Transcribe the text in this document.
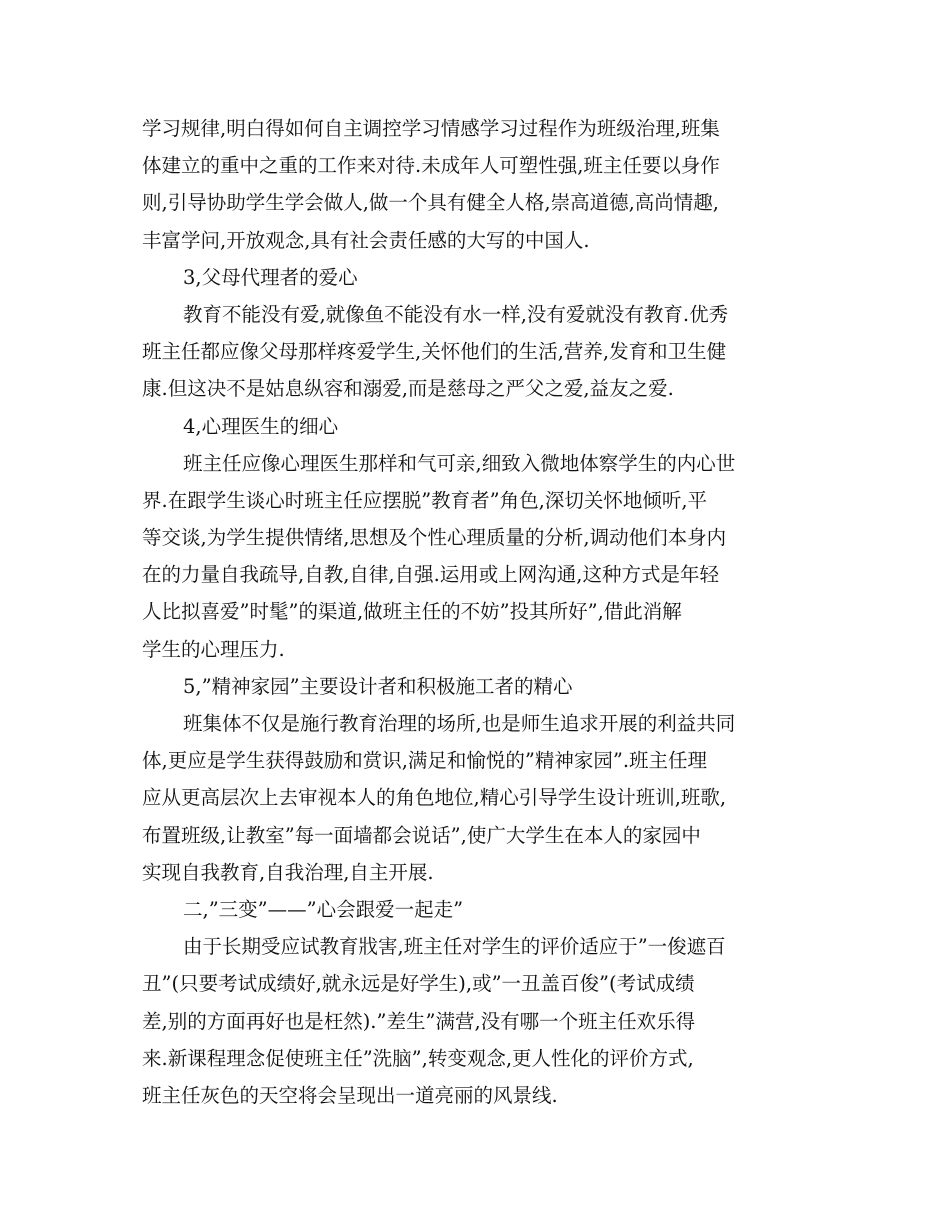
学习规律,明白得如何自主调控学习情感学习过程作为班级治理,班集
体建立的重中之重的工作来对待.未成年人可塑性强,班主任要以身作
则,引导协助学生学会做人,做一个具有健全人格,崇高道德,高尚情趣,
丰富学问,开放观念,具有社会责任感的大写的中国人.
3,父母代理者的爱心
教育不能没有爱,就像鱼不能没有水一样,没有爱就没有教育.优秀
班主任都应像父母那样疼爱学生,关怀他们的生活,营养,发育和卫生健
康.但这决不是姑息纵容和溺爱,而是慈母之严父之爱,益友之爱.
4,心理医生的细心
班主任应像心理医生那样和气可亲,细致入微地体察学生的内心世
界.在跟学生谈心时班主任应摆脱”教育者”角色,深切关怀地倾听,平
等交谈,为学生提供情绪,思想及个性心理质量的分析,调动他们本身内
在的力量自我疏导,自教,自律,自强.运用或上网沟通,这种方式是年轻
人比拟喜爱”时髦”的渠道,做班主任的不妨”投其所好”,借此消解
学生的心理压力.
5,”精神家园”主要设计者和积极施工者的精心
班集体不仅是施行教育治理的场所,也是师生追求开展的利益共同
体,更应是学生获得鼓励和赏识,满足和愉悦的”精神家园”.班主任理
应从更高层次上去审视本人的角色地位,精心引导学生设计班训,班歌,
布置班级,让教室”每一面墙都会说话”,使广大学生在本人的家园中
实现自我教育,自我治理,自主开展.
二,”三变”——”心会跟爱一起走”
由于长期受应试教育戕害,班主任对学生的评价适应于”一俊遮百
丑”(只要考试成绩好,就永远是好学生),或”一丑盖百俊”(考试成绩
差,别的方面再好也是枉然).”差生”满营,没有哪一个班主任欢乐得
来.新课程理念促使班主任”洗脑”,转变观念,更人性化的评价方式,
班主任灰色的天空将会呈现出一道亮丽的风景线.
